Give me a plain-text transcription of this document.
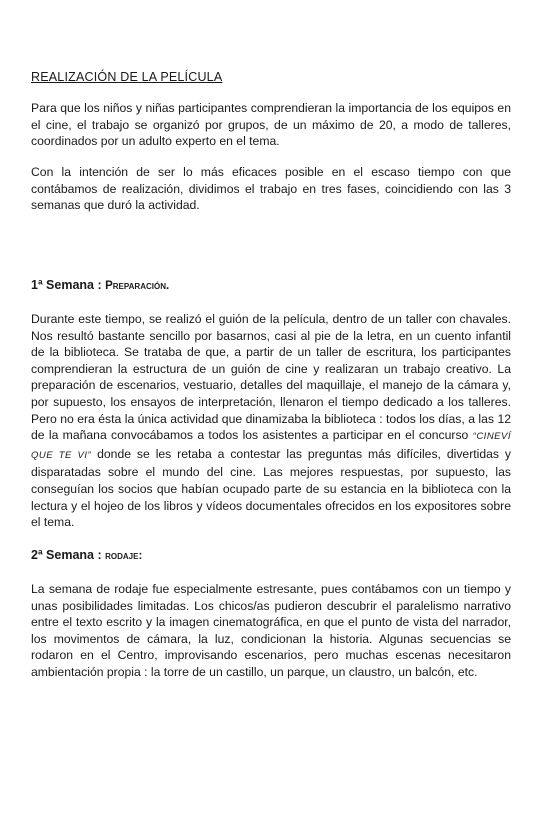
REALIZACIÓN DE LA PELÍCULA

Para que los niños y niñas participantes comprendieran la importancia de los equipos en el cine, el trabajo se organizó por grupos, de un máximo de 20, a modo de talleres, coordinados por un adulto experto en el tema.

Con la intención de ser lo más eficaces posible en el escaso tiempo con que contábamos de realización, dividimos el trabajo en tres fases, coincidiendo con las 3 semanas que duró la actividad.

1ª Semana : Preparación.

Durante este tiempo, se realizó el guión de la película, dentro de un taller con chavales. Nos resultó bastante sencillo por basarnos, casi al pie de la letra, en un cuento infantil de la biblioteca. Se trataba de que, a partir de un taller de escritura, los participantes comprendieran la estructura de un guión de cine y realizaran un trabajo creativo. La preparación de escenarios, vestuario, detalles del maquillaje, el manejo de la cámara y, por supuesto, los ensayos de interpretación, llenaron el tiempo dedicado a los talleres. Pero no era ésta la única actividad que dinamizaba la biblioteca : todos los días, a las 12 de la mañana convocábamos a todos los asistentes a participar en el concurso “CINEVÍ QUE TE VI” donde se les retaba a contestar las preguntas más difíciles, divertidas y disparatadas sobre el mundo del cine. Las mejores respuestas, por supuesto, las conseguían los socios que habían ocupado parte de su estancia en la biblioteca con la lectura y el hojeo de los libros y vídeos documentales ofrecidos en los expositores sobre el tema.

2ª Semana : rodaje:

La semana de rodaje fue especialmente estresante, pues contábamos con un tiempo y unas posibilidades limitadas. Los chicos/as pudieron descubrir el paralelismo narrativo entre el texto escrito y la imagen cinematográfica, en que el punto de vista del narrador, los movimentos de cámara, la luz, condicionan la historia. Algunas secuencias se rodaron en el Centro, improvisando escenarios, pero muchas escenas necesitaron ambientación propia : la torre de un castillo, un parque, un claustro, un balcón, etc.
